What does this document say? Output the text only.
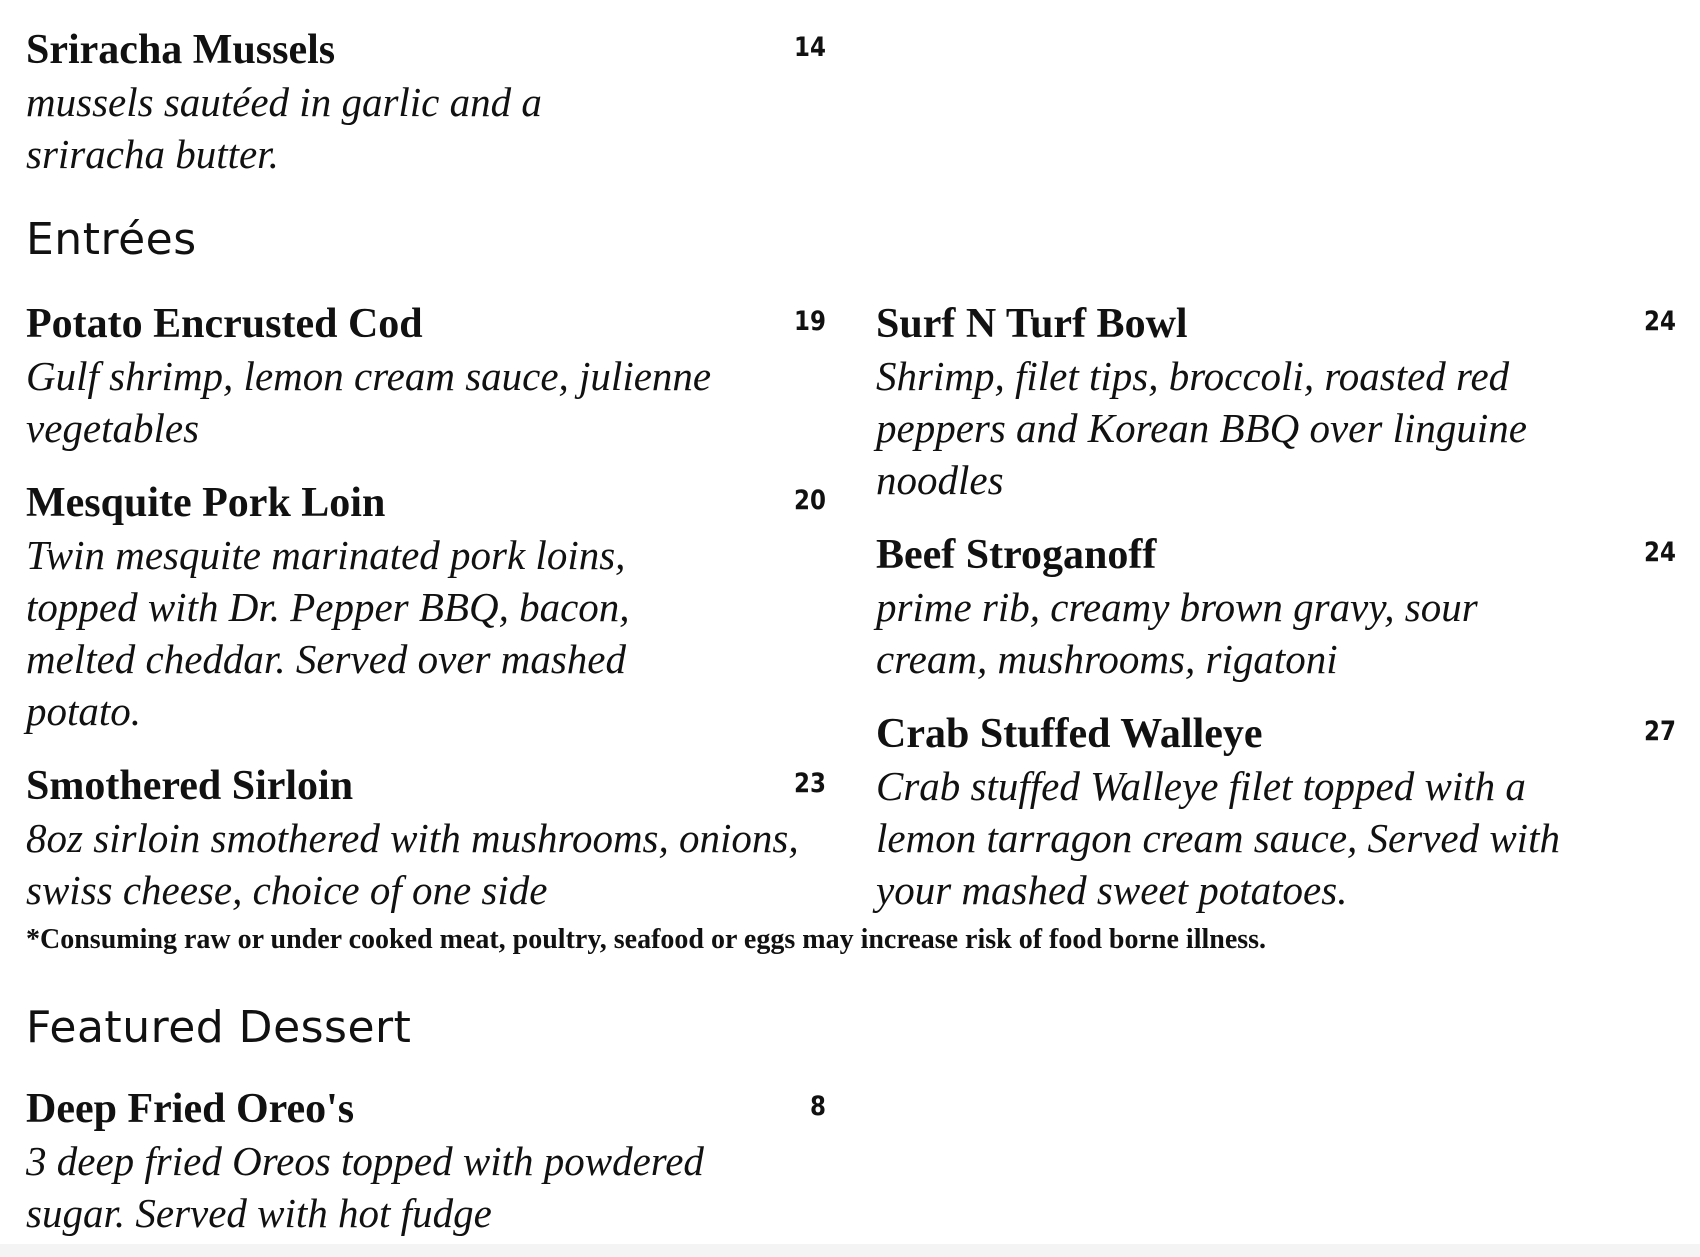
Sriracha Mussels	14

mussels sautéed in garlic and a sriracha butter.

Entrées

Potato Encrusted Cod	19

Gulf shrimp, lemon cream sauce, julienne vegetables

Mesquite Pork Loin	20

Twin mesquite marinated pork loins, topped with Dr. Pepper BBQ, bacon, melted cheddar. Served over mashed potato.

Smothered Sirloin	23

8oz sirloin smothered with mushrooms, onions, swiss cheese, choice of one side

Surf N Turf Bowl	24

Shrimp, filet tips, broccoli, roasted red peppers and Korean BBQ over linguine noodles

Beef Stroganoff	24

prime rib, creamy brown gravy, sour cream, mushrooms, rigatoni

Crab Stuffed Walleye	27

Crab stuffed Walleye filet topped with a lemon tarragon cream sauce, Served with your mashed sweet potatoes.

*Consuming raw or under cooked meat, poultry, seafood or eggs may increase risk of food borne illness.

Featured Dessert

Deep Fried Oreo's	8

3 deep fried Oreos topped with powdered sugar. Served with hot fudge
